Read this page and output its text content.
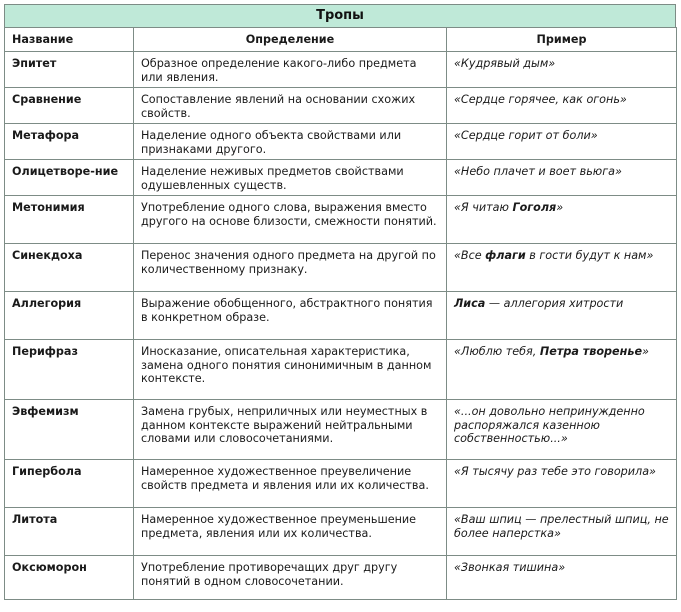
Тропы
Название	Определение	Пример
Эпитет	Образное определение какого-либо предмета или явления.	«Кудрявый дым»
Сравнение	Сопоставление явлений на основании схожих свойств.	«Сердце горячее, как огонь»
Метафора	Наделение одного объекта свойствами или признаками другого.	«Сердце горит от боли»
Олицетворе-ние	Наделение неживых предметов свойствами одушевленных существ.	«Небо плачет и воет вьюга»
Метонимия	Употребление одного слова, выражения вместо другого на основе близости, смежности понятий.	«Я читаю Гоголя»
Синекдоха	Перенос значения одного предмета на другой по количественному признаку.	«Все флаги в гости будут к нам»
Аллегория	Выражение обобщенного, абстрактного понятия в конкретном образе.	Лиса — аллегория хитрости
Перифраз	Иносказание, описательная характеристика, замена одного понятия синонимичным в данном контексте.	«Люблю тебя, Петра творенье»
Эвфемизм	Замена грубых, неприличных или неуместных в данном контексте выражений нейтральными словами или словосочетаниями.	«...он довольно непринужденно распоряжался казенною собственностью...»
Гипербола	Намеренное художественное преувеличение свойств предмета и явления или их количества.	«Я тысячу раз тебе это говорила»
Литота	Намеренное художественное преуменьшение предмета, явления или их количества.	«Ваш шпиц — прелестный шпиц, не более наперстка»
Оксюморон	Употребление противоречащих друг другу понятий в одном словосочетании.	«Звонкая тишина»
